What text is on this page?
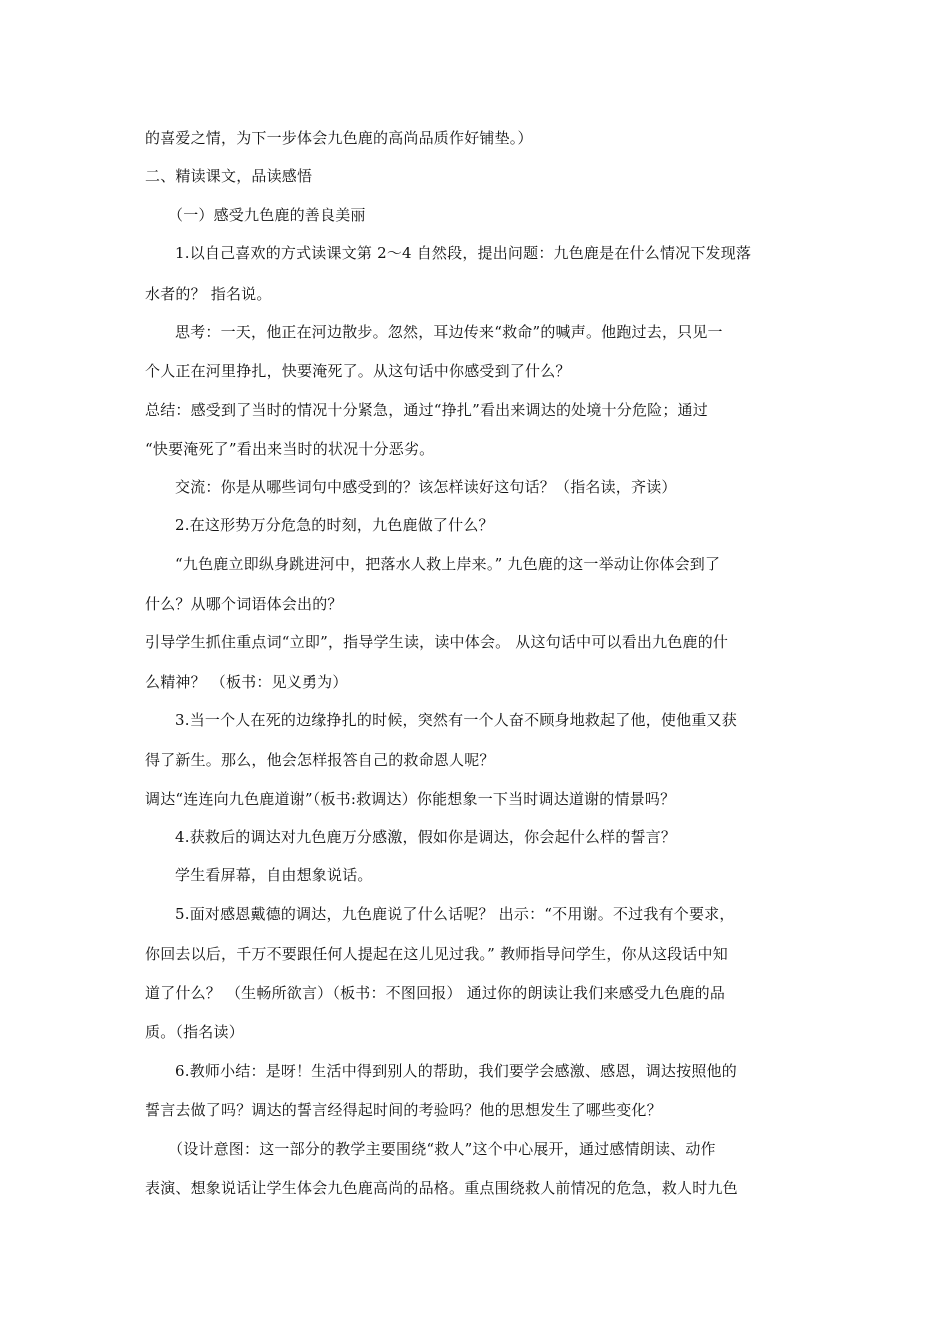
的喜爱之情，为下一步体会九色鹿的高尚品质作好铺垫。）
二、精读课文，品读感悟
（一）感受九色鹿的善良美丽
1.以自己喜欢的方式读课文第 2～4 自然段，提出问题：九色鹿是在什么情况下发现落
水者的？ 指名说。
思考：一天，他正在河边散步。忽然，耳边传来“救命”的喊声。他跑过去，只见一
个人正在河里挣扎，快要淹死了。从这句话中你感受到了什么？
总结：感受到了当时的情况十分紧急，通过“挣扎”看出来调达的处境十分危险；通过
“快要淹死了”看出来当时的状况十分恶劣。
交流：你是从哪些词句中感受到的？该怎样读好这句话？（指名读，齐读）
2.在这形势万分危急的时刻，九色鹿做了什么？
“九色鹿立即纵身跳进河中，把落水人救上岸来。” 九色鹿的这一举动让你体会到了
什么？从哪个词语体会出的？
引导学生抓住重点词“立即”，指导学生读，读中体会。 从这句话中可以看出九色鹿的什
么精神？ （板书：见义勇为）
3.当一个人在死的边缘挣扎的时候，突然有一个人奋不顾身地救起了他，使他重又获
得了新生。那么，他会怎样报答自己的救命恩人呢？
调达“连连向九色鹿道谢”（板书:救调达）你能想象一下当时调达道谢的情景吗？
4.获救后的调达对九色鹿万分感激，假如你是调达，你会起什么样的誓言？
学生看屏幕，自由想象说话。
5.面对感恩戴德的调达，九色鹿说了什么话呢？ 出示：“不用谢。不过我有个要求，
你回去以后，千万不要跟任何人提起在这儿见过我。” 教师指导问学生，你从这段话中知
道了什么？ （生畅所欲言）（板书：不图回报） 通过你的朗读让我们来感受九色鹿的品
质。（指名读）
6.教师小结：是呀！生活中得到别人的帮助，我们要学会感激、感恩，调达按照他的
誓言去做了吗？调达的誓言经得起时间的考验吗？他的思想发生了哪些变化？
（设计意图：这一部分的教学主要围绕“救人”这个中心展开，通过感情朗读、动作
表演、想象说话让学生体会九色鹿高尚的品格。重点围绕救人前情况的危急，救人时九色
